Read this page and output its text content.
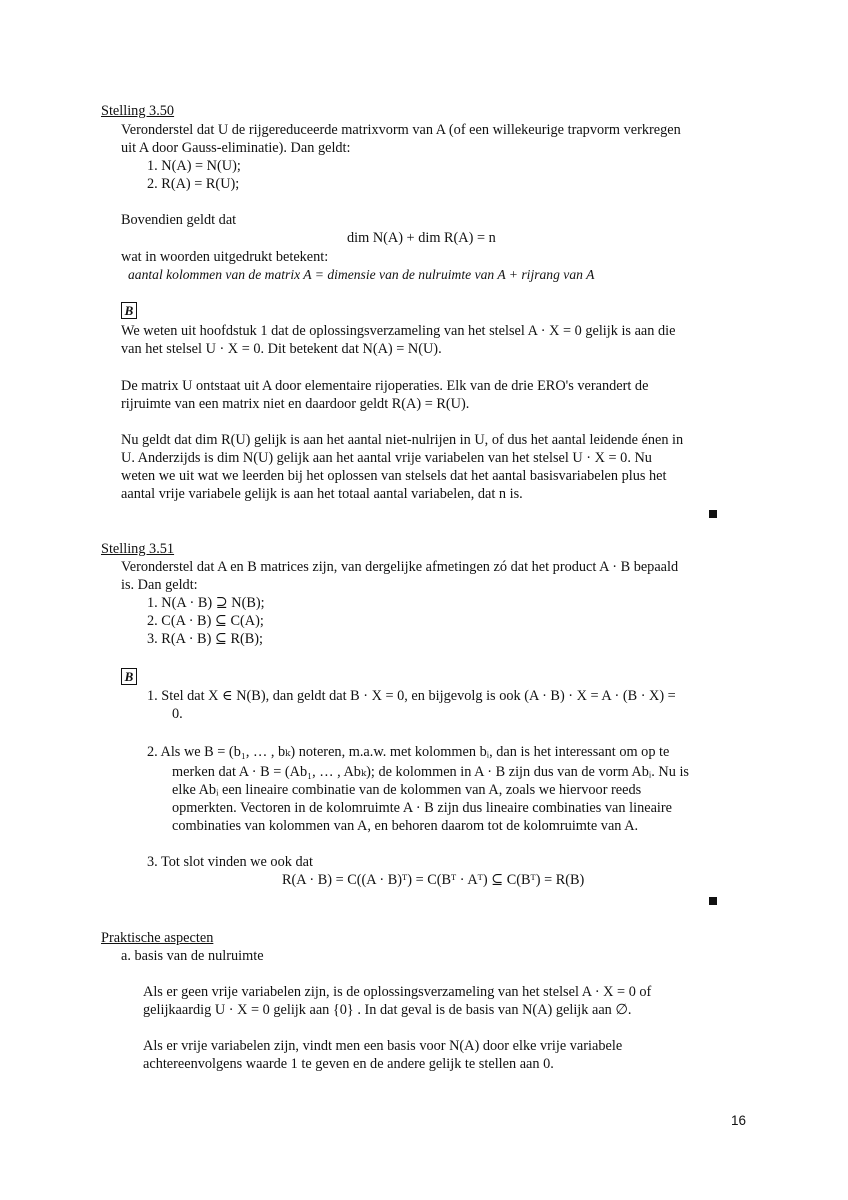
Stelling 3.50
Veronderstel dat U de rijgereduceerde matrixvorm van A (of een willekeurige trapvorm verkregen
uit A door Gauss-eliminatie). Dan geldt:
1. N(A) = N(U);
2. R(A) = R(U);
Bovendien geldt dat
dim N(A) + dim R(A) = n
wat in woorden uitgedrukt betekent:
aantal kolommen van de matrix A = dimensie van de nulruimte van A + rijrang van A
B
We weten uit hoofdstuk 1 dat de oplossingsverzameling van het stelsel A · X = 0 gelijk is aan die
van het stelsel U · X = 0. Dit betekent dat N(A) = N(U).
De matrix U ontstaat uit A door elementaire rijoperaties. Elk van de drie ERO's verandert de
rijruimte van een matrix niet en daardoor geldt R(A) = R(U).
Nu geldt dat dim R(U) gelijk is aan het aantal niet-nulrijen in U, of dus het aantal leidende énen in
U. Anderzijds is dim N(U) gelijk aan het aantal vrije variabelen van het stelsel U · X = 0. Nu
weten we uit wat we leerden bij het oplossen van stelsels dat het aantal basisvariabelen plus het
aantal vrije variabele gelijk is aan het totaal aantal variabelen, dat n is.
Stelling 3.51
Veronderstel dat A en B matrices zijn, van dergelijke afmetingen zó dat het product A · B bepaald
is. Dan geldt:
1. N(A · B) ⊇ N(B);
2. C(A · B) ⊆ C(A);
3. R(A · B) ⊆ R(B);
B
1. Stel dat X ∈ N(B), dan geldt dat B · X = 0, en bijgevolg is ook (A · B) · X = A · (B · X) =
0.
2. Als we B = (b₁, … , bₖ) noteren, m.a.w. met kolommen bᵢ, dan is het interessant om op te
merken dat A · B = (Ab₁, … , Abₖ); de kolommen in A · B zijn dus van de vorm Abᵢ. Nu is
elke Abᵢ een lineaire combinatie van de kolommen van A, zoals we hiervoor reeds
opmerkten. Vectoren in de kolomruimte A · B zijn dus lineaire combinaties van lineaire
combinaties van kolommen van A, en behoren daarom tot de kolomruimte van A.
3. Tot slot vinden we ook dat
R(A · B) = C((A · B)ᵀ) = C(Bᵀ · Aᵀ) ⊆ C(Bᵀ) = R(B)
Praktische aspecten
a. basis van de nulruimte
Als er geen vrije variabelen zijn, is de oplossingsverzameling van het stelsel A · X = 0 of
gelijkaardig U · X = 0 gelijk aan {0} . In dat geval is de basis van N(A) gelijk aan ∅.
Als er vrije variabelen zijn, vindt men een basis voor N(A) door elke vrije variabele
achtereenvolgens waarde 1 te geven en de andere gelijk te stellen aan 0.
16
